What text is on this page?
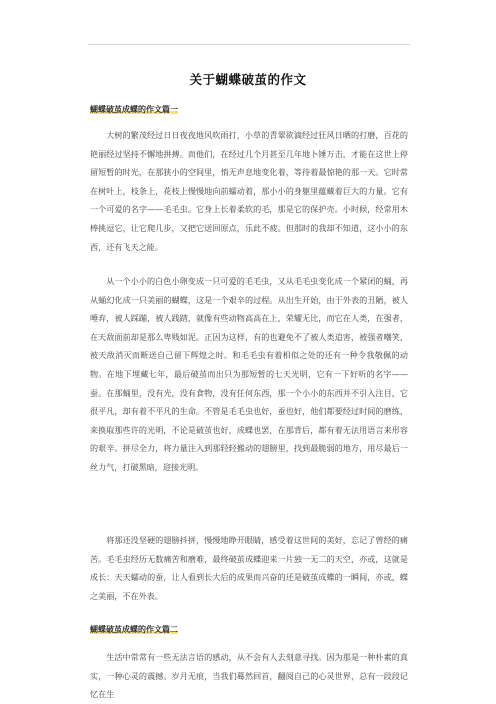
关于蝴蝶破茧的作文
蝴蝶破茧成蝶的作文篇一

大树的繁茂经过日日夜夜地风吹雨打，小草的青翠欲滴经过狂风日晒的打磨，百花的艳丽经过坚持不懈地拼搏。而他们，在经过几个月甚至几年地卜锤万击，才能在这世上停留短暂的时光，在那狭小的空间里，悄无声息地变化着，等待着最惊艳的那一天。它时常在树叶上，枝条上，花枝上慢慢地向前蠕动着，那小小的身躯里蕴藏着巨大的力量。它有一个可爱的名字——毛毛虫。它身上长着柔软的毛，那是它的保护壳。小时候，经常用木棒挑逗它，让它爬几步，又把它送回原点，乐此不疲。但那时的我却不知道，这小小的东西，还有飞天之能。

从一个小小的白色小卵变成一只可爱的毛毛虫，又从毛毛虫变化成一个紧闭的蛹，再从蛹幻化成一只美丽的蝴蝶，这是一个艰辛的过程。从出生开始，由于外表的丑陋，被人唾弃，被人踩蹦，被人践踏，就像有些动物高高在上，荣耀无比，而它在人类，在强者，在天敌面前却是那么卑贱如泥。正因为这样，有的也避免不了被人类追害，被强者嘲笑，被天敌消灭而断送自己留下辉煌之时。和毛毛虫有着相似之处的还有一种令我敬佩的动物。在地下埋藏七年，最后破茧而出只为那短暂的七天光明，它有一下好听的名字——蚕。在那蛹里，没有光，没有食物，没有任何东西，那一个小小的东西并不引入注目，它很平凡，却有着不平凡的生命。不管是毛毛虫也好，蚕也好，他们都要经过时间的磨练，来换取那些许的光明，不论是破茧也好，成蝶也罢，在那背后，都有着无法用语言来形容的艰辛。拼尽全力，将力量注入到那轻轻搬动的翅膀里，找到最脆弱的地方，用尽最后一丝力气，打破黑暗，迎接光明。

将那还没坚硬的翅膀抖拼，慢慢地睁开眼睛，感受着这世间的美好，忘记了曾经的痛苦。毛毛虫经历无数痛苦和磨难，最终破茧成蝶迎来一片独一无二的天空，亦或，这就是成长：天天蠕动的蚕，让人看到长大后的成果而兴奋的还是破茧成蝶的一瞬间，亦或，蝶之美丽，不在外表。

蝴蝶破茧成蝶的作文篇二

生活中常常有一些无法言语的感动，从不会有人去刻意寻找。因为那是一种朴素的真实，一种心灵的震撼。岁月无痕，当我们蓦然回首，翻阅自己的心灵世界，总有一段段记忆在生
